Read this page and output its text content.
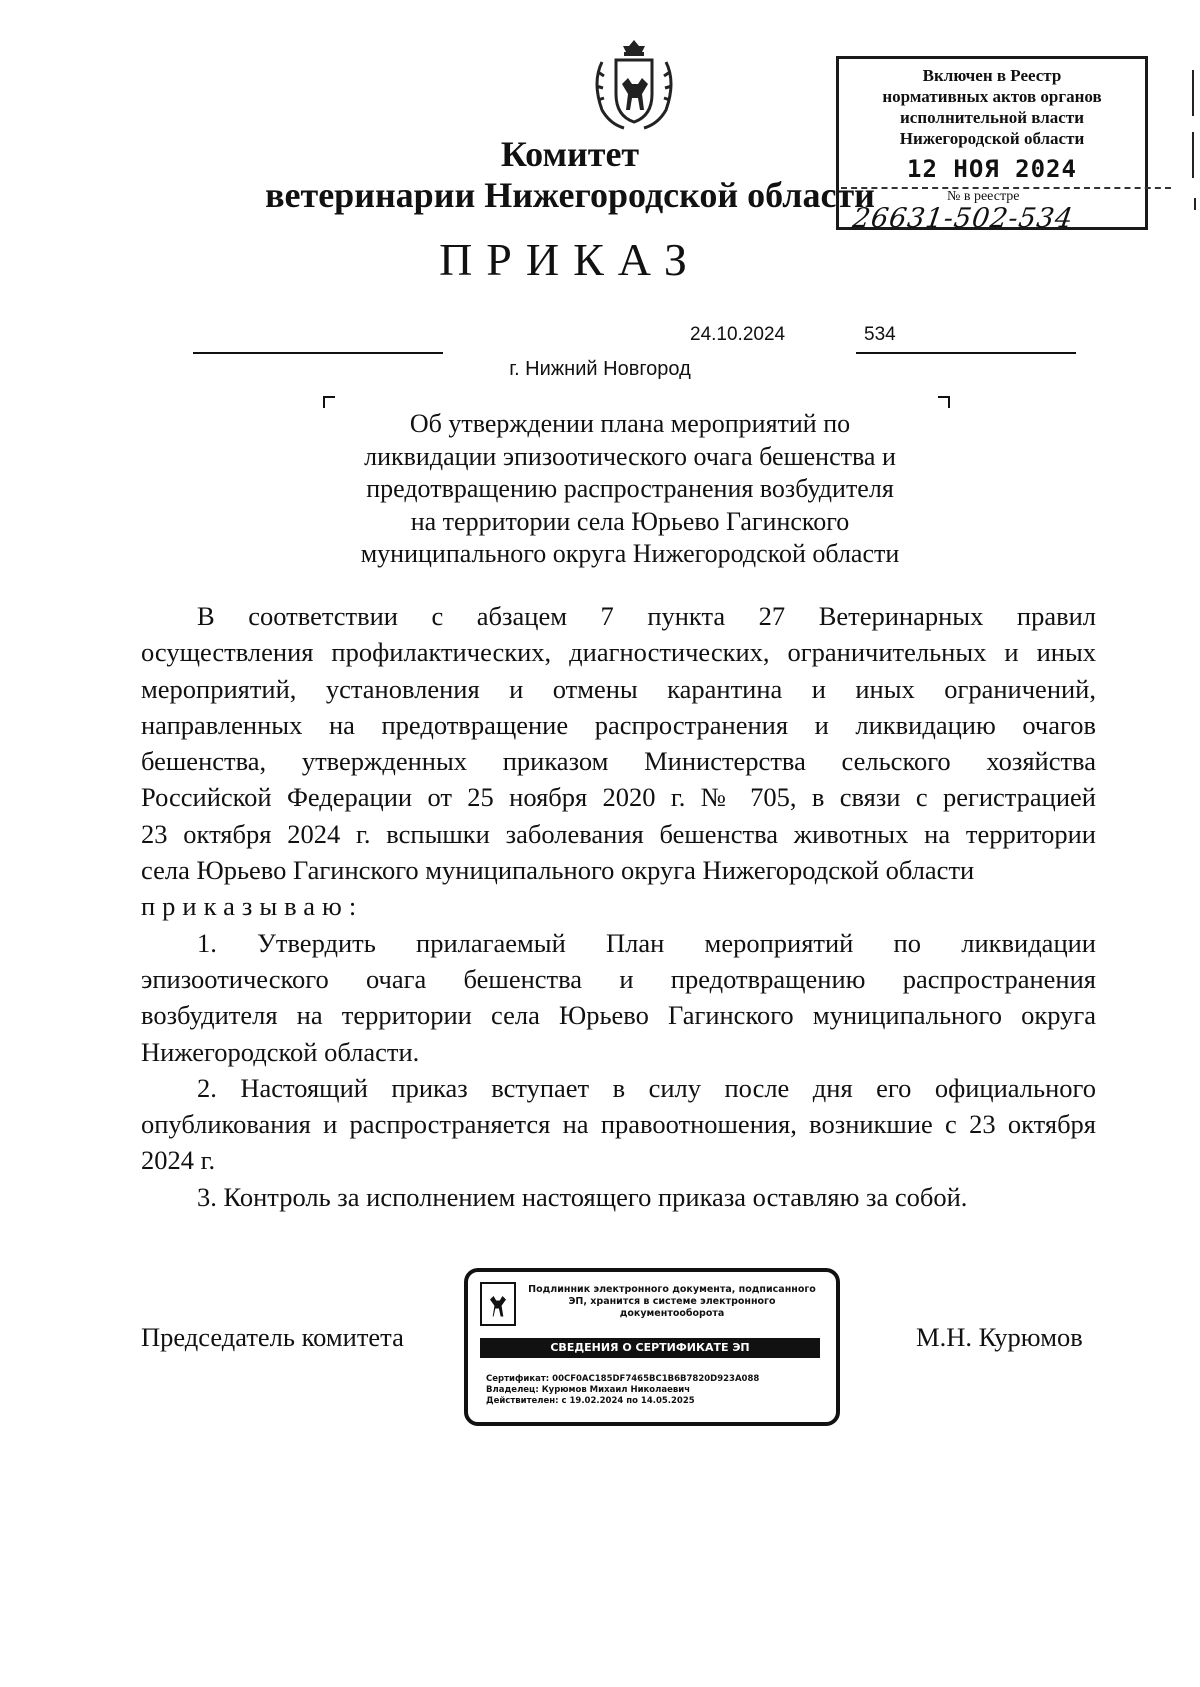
Комитет
ветеринарии Нижегородской области
ПРИКАЗ
Включен в Реестр
нормативных актов органов
исполнительной власти
Нижегородской области
12 НОЯ 2024
№ в реестре
26631-502-534
24.10.2024	534
г. Нижний Новгород
Об утверждении плана мероприятий по
ликвидации эпизоотического очага бешенства и
предотвращению распространения возбудителя
на территории села Юрьево Гагинского
муниципального округа Нижегородской области
В соответствии с абзацем 7 пункта 27 Ветеринарных правил
осуществления профилактических, диагностических, ограничительных и иных
мероприятий, установления и отмены карантина и иных ограничений,
направленных на предотвращение распространения и ликвидацию очагов
бешенства, утвержденных приказом Министерства сельского хозяйства
Российской Федерации от 25 ноября 2020 г. № 705, в связи с регистрацией
23 октября 2024 г. вспышки заболевания бешенства животных на территории
села Юрьево Гагинского муниципального округа Нижегородской области
приказываю:
1. Утвердить прилагаемый План мероприятий по ликвидации
эпизоотического очага бешенства и предотвращению распространения
возбудителя на территории села Юрьево Гагинского муниципального округа
Нижегородской области.
2. Настоящий приказ вступает в силу после дня его официального
опубликования и распространяется на правоотношения, возникшие с 23 октября
2024 г.
3. Контроль за исполнением настоящего приказа оставляю за собой.
Председатель комитета	М.Н. Курюмов
Подлинник электронного документа, подписанного ЭП, хранится в системе электронного документооборота
СВЕДЕНИЯ О СЕРТИФИКАТЕ ЭП
Сертификат: 00CF0AC185DF7465BC1B6B7820D923A088
Владелец: Курюмов Михаил Николаевич
Действителен: с 19.02.2024 по 14.05.2025
